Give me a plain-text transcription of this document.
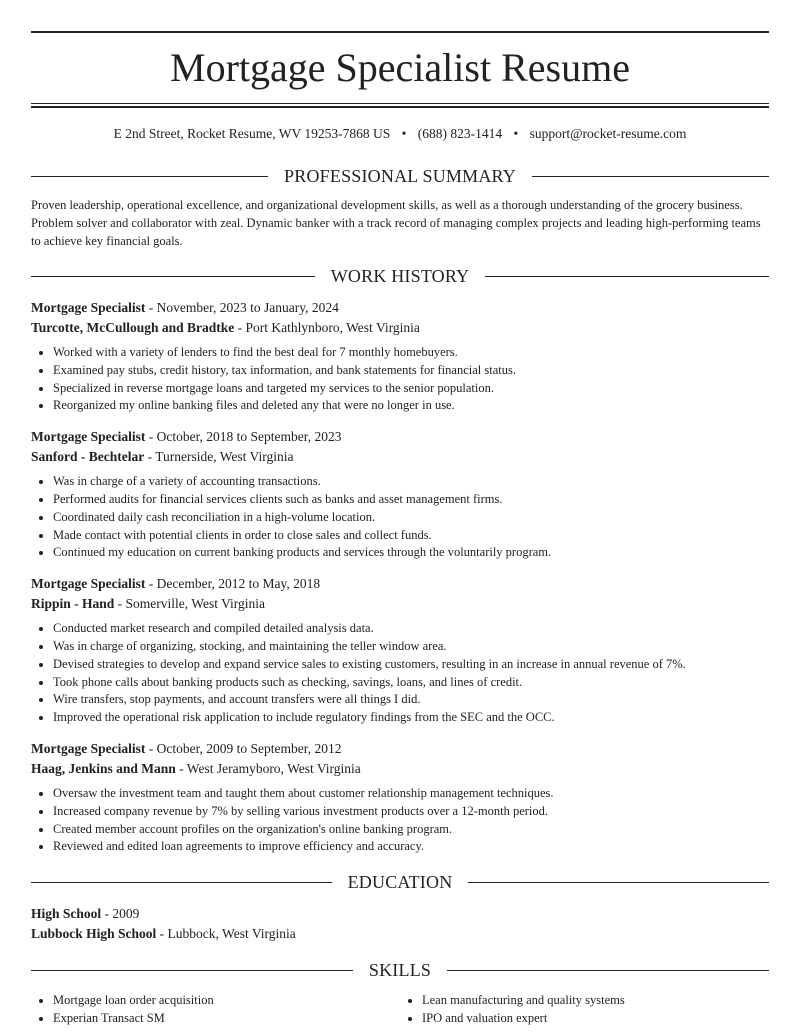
Mortgage Specialist Resume
E 2nd Street, Rocket Resume, WV 19253-7868 US • (688) 823-1414 • support@rocket-resume.com
PROFESSIONAL SUMMARY
Proven leadership, operational excellence, and organizational development skills, as well as a thorough understanding of the grocery business. Problem solver and collaborator with zeal. Dynamic banker with a track record of managing complex projects and leading high-performing teams to achieve key financial goals.
WORK HISTORY
Mortgage Specialist - November, 2023 to January, 2024
Turcotte, McCullough and Bradtke - Port Kathlynboro, West Virginia
• Worked with a variety of lenders to find the best deal for 7 monthly homebuyers.
• Examined pay stubs, credit history, tax information, and bank statements for financial status.
• Specialized in reverse mortgage loans and targeted my services to the senior population.
• Reorganized my online banking files and deleted any that were no longer in use.
Mortgage Specialist - October, 2018 to September, 2023
Sanford - Bechtelar - Turnerside, West Virginia
• Was in charge of a variety of accounting transactions.
• Performed audits for financial services clients such as banks and asset management firms.
• Coordinated daily cash reconciliation in a high-volume location.
• Made contact with potential clients in order to close sales and collect funds.
• Continued my education on current banking products and services through the voluntarily program.
Mortgage Specialist - December, 2012 to May, 2018
Rippin - Hand - Somerville, West Virginia
• Conducted market research and compiled detailed analysis data.
• Was in charge of organizing, stocking, and maintaining the teller window area.
• Devised strategies to develop and expand service sales to existing customers, resulting in an increase in annual revenue of 7%.
• Took phone calls about banking products such as checking, savings, loans, and lines of credit.
• Wire transfers, stop payments, and account transfers were all things I did.
• Improved the operational risk application to include regulatory findings from the SEC and the OCC.
Mortgage Specialist - October, 2009 to September, 2012
Haag, Jenkins and Mann - West Jeramyboro, West Virginia
• Oversaw the investment team and taught them about customer relationship management techniques.
• Increased company revenue by 7% by selling various investment products over a 12-month period.
• Created member account profiles on the organization's online banking program.
• Reviewed and edited loan agreements to improve efficiency and accuracy.
EDUCATION
High School - 2009
Lubbock High School - Lubbock, West Virginia
SKILLS
• Mortgage loan order acquisition
• Experian Transact SM
• Lean manufacturing and quality systems
• IPO and valuation expert
